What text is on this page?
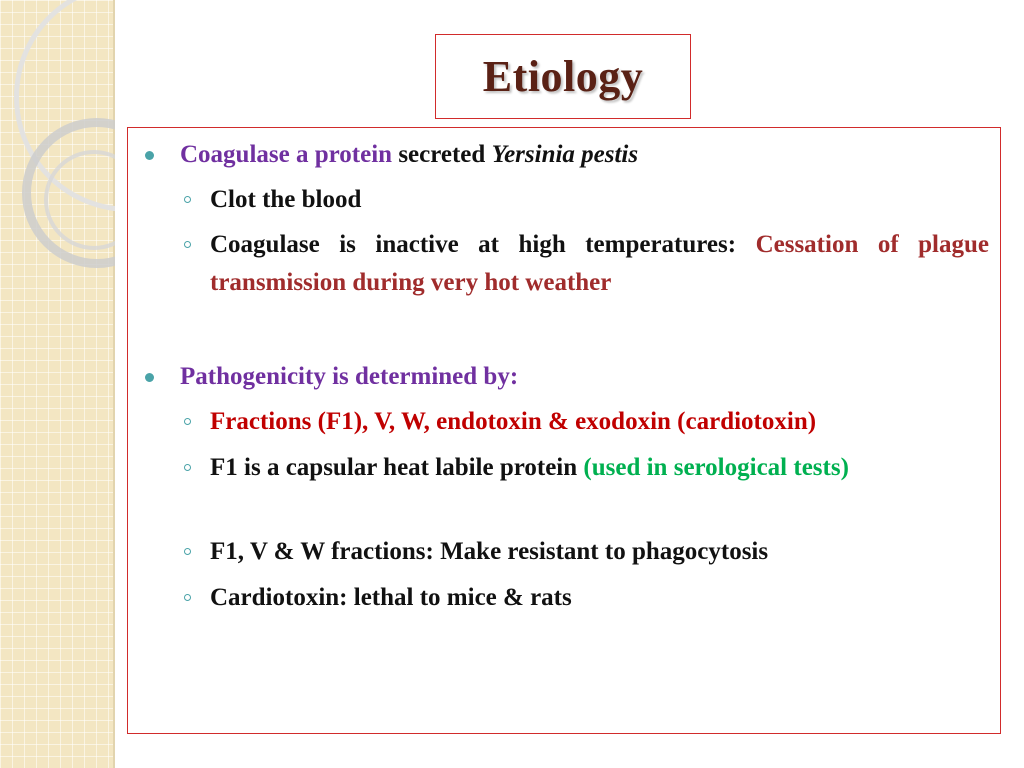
Etiology
Coagulase a protein secreted Yersinia pestis
Clot the blood
Coagulase is inactive at high temperatures: Cessation of plague transmission during very hot weather
Pathogenicity is determined by:
Fractions (F1), V, W, endotoxin & exodoxin (cardiotoxin)
F1 is a capsular heat labile protein (used in serological tests)
F1, V & W fractions: Make resistant to phagocytosis
Cardiotoxin: lethal to mice & rats
